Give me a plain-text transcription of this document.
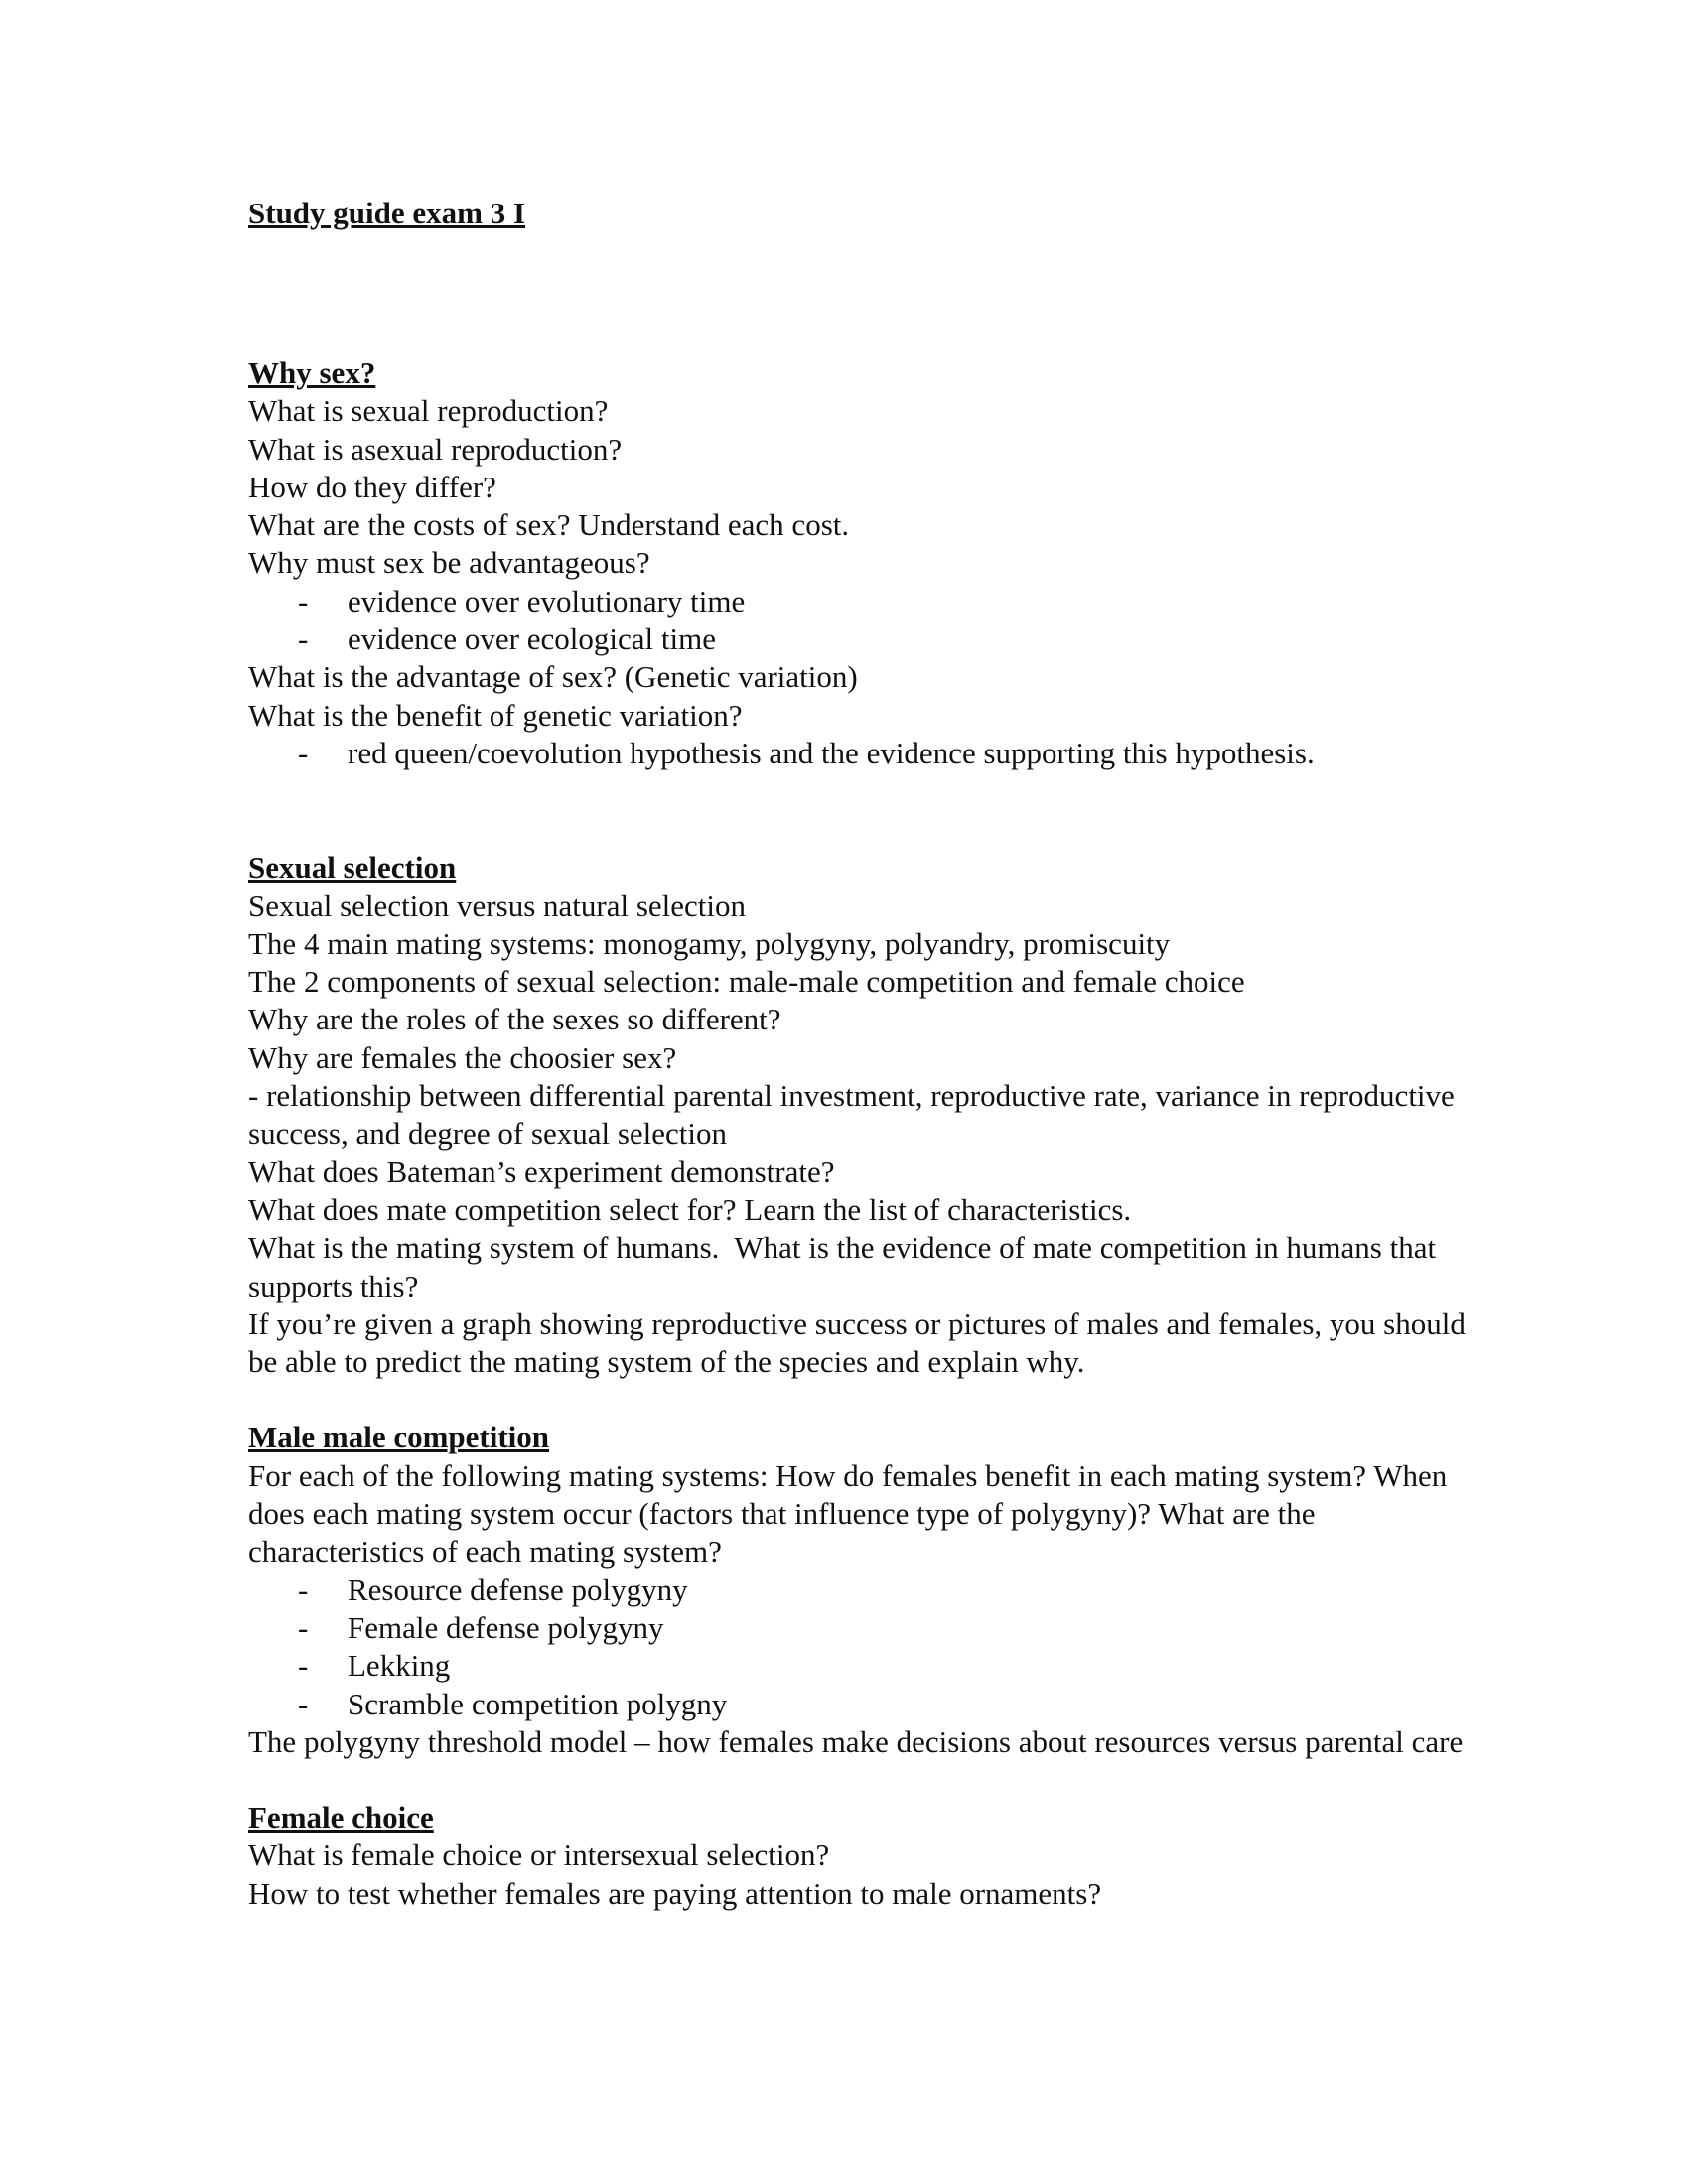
Study guide exam 3 I

Why sex?

What is sexual reproduction?

What is asexual reproduction?

How do they differ?

What are the costs of sex? Understand each cost.

Why must sex be advantageous?

-	evidence over evolutionary time
-	evidence over ecological time

What is the advantage of sex? (Genetic variation)

What is the benefit of genetic variation?

-	red queen/coevolution hypothesis and the evidence supporting this hypothesis.

Sexual selection

Sexual selection versus natural selection

The 4 main mating systems: monogamy, polygyny, polyandry, promiscuity

The 2 components of sexual selection: male-male competition and female choice

Why are the roles of the sexes so different?

Why are females the choosier sex?

- relationship between differential parental investment, reproductive rate, variance in reproductive success, and degree of sexual selection

What does Bateman’s experiment demonstrate?

What does mate competition select for? Learn the list of characteristics.

What is the mating system of humans.  What is the evidence of mate competition in humans that supports this?

If you’re given a graph showing reproductive success or pictures of males and females, you should be able to predict the mating system of the species and explain why.

Male male competition

For each of the following mating systems: How do females benefit in each mating system? When does each mating system occur (factors that influence type of polygyny)? What are the characteristics of each mating system?

-	Resource defense polygyny
-	Female defense polygyny
-	Lekking
-	Scramble competition polygny

The polygyny threshold model – how females make decisions about resources versus parental care

Female choice

What is female choice or intersexual selection?

How to test whether females are paying attention to male ornaments?
